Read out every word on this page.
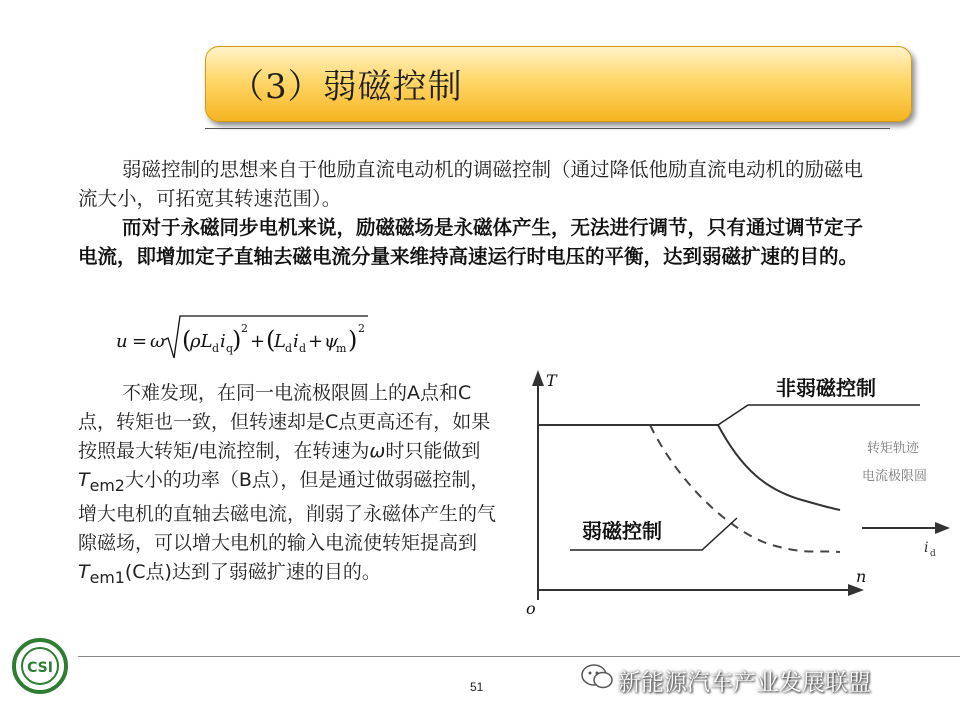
（3）弱磁控制
弱磁控制的思想来自于他励直流电动机的调磁控制（通过降低他励直流电动机的励磁电流大小，可拓宽其转速范围）。
而对于永磁同步电机来说，励磁磁场是永磁体产生，无法进行调节，只有通过调节定子电流，即增加定子直轴去磁电流分量来维持高速运行时电压的平衡，达到弱磁扩速的目的。
u = ω (
ρL d i q
) 2
+ (
L d i d + ψ
m ) 2
不难发现，在同一电流极限圆上的A点和C点，转矩也一致，但转速却是C点更高还有，如果按照最大转矩/电流控制，在转速为ω时只能做到$T_{em2}$大小的功率（B点），但是通过做弱磁控制，增大电机的直轴去磁电流，削弱了永磁体产生的气隙磁场，可以增大电机的输入电流使转矩提高到$T_{em1}(C$点)达到了弱磁扩速的目的。
非弱磁控制
弱磁控制
转矩轨迹
电流极限圆
T
n
o
i d
51
CSI
新能源汽车产业发展联盟
